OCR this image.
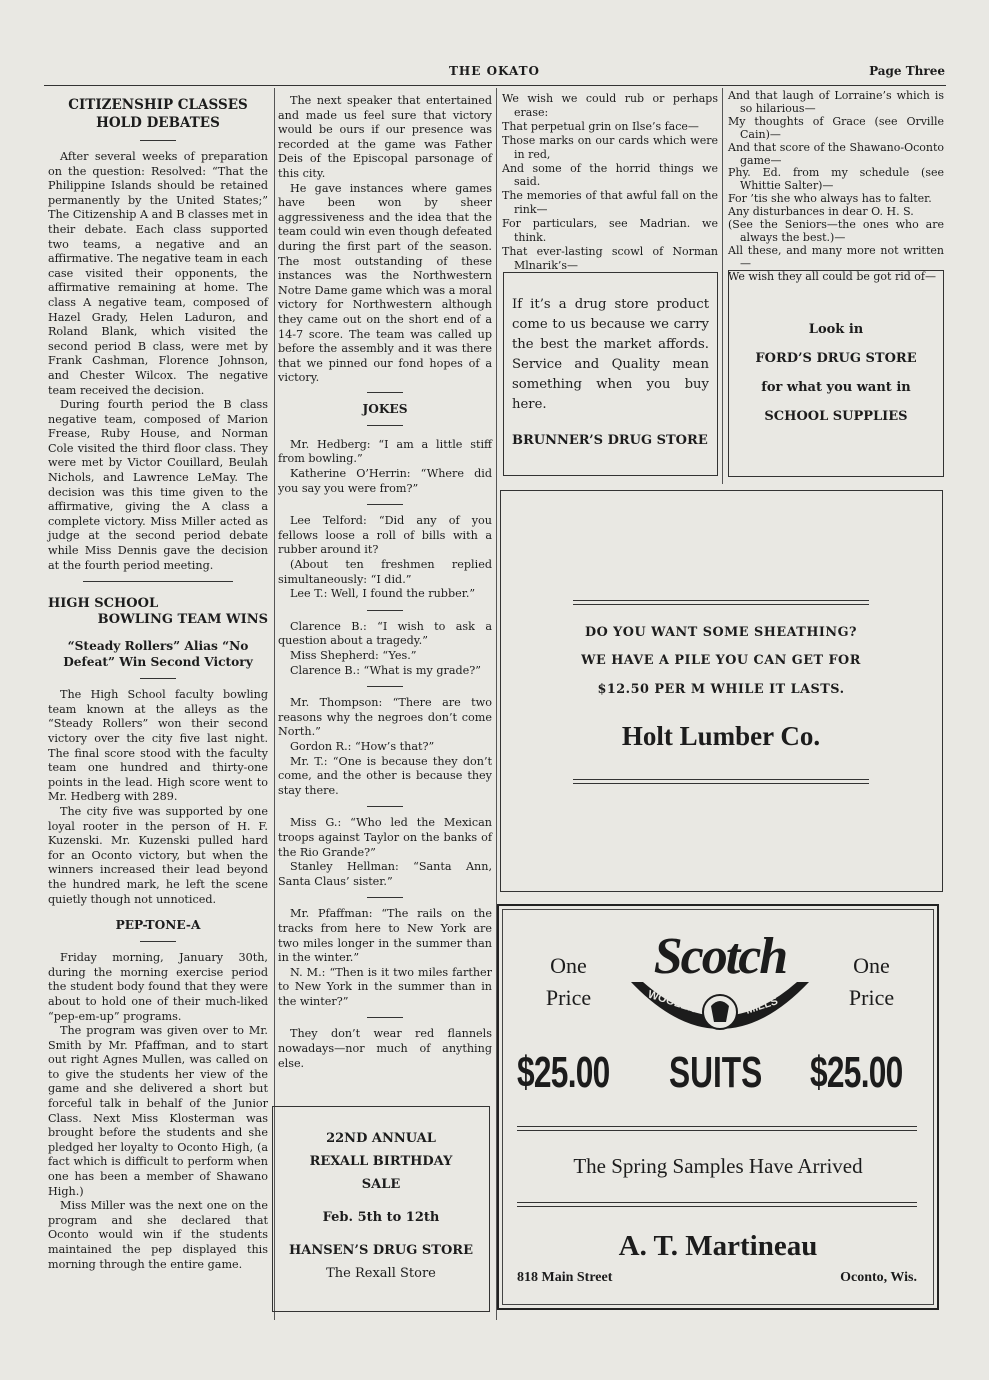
THE OKATO	Page Three
CITIZENSHIP CLASSES HOLD DEBATES

After several weeks of preparation on the question: Resolved: “That the Philippine Islands should be retained permanently by the United States;” The Citizenship A and B classes met in their debate. Each class supported two teams, a negative and an affirmative. The negative team in each case visited their opponents, the affirmative remaining at home. The class A negative team, composed of Hazel Grady, Helen Laduron, and Roland Blank, which visited the second period B class, were met by Frank Cashman, Florence Johnson, and Chester Wilcox. The negative team received the decision.

During fourth period the B class negative team, composed of Marion Frease, Ruby House, and Norman Cole visited the third floor class. They were met by Victor Couillard, Beulah Nichols, and Lawrence LeMay. The decision was this time given to the affirmative, giving the A class a complete victory. Miss Miller acted as judge at the second period debate while Miss Dennis gave the decision at the fourth period meeting.

HIGH SCHOOL
BOWLING TEAM WINS
“Steady Rollers” Alias “No Defeat” Win Second Victory

The High School faculty bowling team known at the alleys as the “Steady Rollers” won their second victory over the city five last night. The final score stood with the faculty team one hundred and thirty-one points in the lead. High score went to Mr. Hedberg with 289.

The city five was supported by one loyal rooter in the person of H. F. Kuzenski. Mr. Kuzenski pulled hard for an Oconto victory, but when the winners increased their lead beyond the hundred mark, he left the scene quietly though not unnoticed.

PEP-TONE-A

Friday morning, January 30th, during the morning exercise period the student body found that they were about to hold one of their much-liked “pep-em-up” programs.

The program was given over to Mr. Smith by Mr. Pfaffman, and to start out right Agnes Mullen, was called on to give the students her view of the game and she delivered a short but forceful talk in behalf of the Junior Class. Next Miss Klosterman was brought before the students and she pledged her loyalty to Oconto High, (a fact which is difficult to perform when one has been a member of Shawano High.)

Miss Miller was the next one on the program and she declared that Oconto would win if the students maintained the pep displayed this morning through the entire game.

The next speaker that entertained and made us feel sure that victory would be ours if our presence was recorded at the game was Father Deis of the Episcopal parsonage of this city.

He gave instances where games have been won by sheer aggressiveness and the idea that the team could win even though defeated during the first part of the season. The most outstanding of these instances was the Northwestern Notre Dame game which was a moral victory for Northwestern although they came out on the short end of a 14-7 score. The team was called up before the assembly and it was there that we pinned our fond hopes of a victory.

JOKES

Mr. Hedberg: “I am a little stiff from bowling.”

Katherine O’Herrin: “Where did you say you were from?”

Lee Telford: “Did any of you fellows loose a roll of bills with a rubber around it?

(About ten freshmen replied simultaneously: “I did.”

Lee T.: Well, I found the rubber.”

Clarence B.: “I wish to ask a question about a tragedy.”

Miss Shepherd: “Yes.”

Clarence B.: “What is my grade?”

Mr. Thompson: “There are two reasons why the negroes don’t come North.”

Gordon R.: “How’s that?”

Mr. T.: “One is because they don’t come, and the other is because they stay there.

Miss G.: “Who led the Mexican troops against Taylor on the banks of the Rio Grande?”

Stanley Hellman: “Santa Ann, Santa Claus’ sister.”

Mr. Pfaffman: “The rails on the tracks from here to New York are two miles longer in the summer than in the winter.”

N. M.: “Then is it two miles farther to New York in the summer than in the winter?”

They don’t wear red flannels nowadays—nor much of anything else.

22ND ANNUAL
REXALL BIRTHDAY
SALE
Feb. 5th to 12th
HANSEN’S DRUG STORE
The Rexall Store

We wish we could rub or perhaps erase:

That perpetual grin on Ilse’s face—

Those marks on our cards which were in red,

And some of the horrid things we said.

The memories of that awful fall on the rink—

For particulars, see Madrian. we think.

That ever-lasting scowl of Norman Mlnarik’s—

And that laugh of Lorraine’s which is so hilarious—

My thoughts of Grace (see Orville Cain)—

And that score of the Shawano-Oconto game—

Phy. Ed. from my schedule (see Whittie Salter)—

For ’tis she who always has to falter.

Any disturbances in dear O. H. S.

(See the Seniors—the ones who are always the best.)—

All these, and many more not written—

We wish they all could be got rid of—

If it’s a drug store product come to us because we carry the best the market affords. Service and Quality mean something when you buy here.
BRUNNER’S DRUG STORE
Look in
FORD’S DRUG STORE
for what you want in
SCHOOL SUPPLIES
DO YOU WANT SOME SHEATHING?
WE HAVE A PILE YOU CAN GET FOR
$12.50 PER M WHILE IT LASTS.
Holt Lumber Co.
One
Price
One
Price
Scotch
WOOLEN	MILLS
$25.00 SUITS $25.00
The Spring Samples Have Arrived
A. T. Martineau
818 Main Street	Oconto, Wis.
